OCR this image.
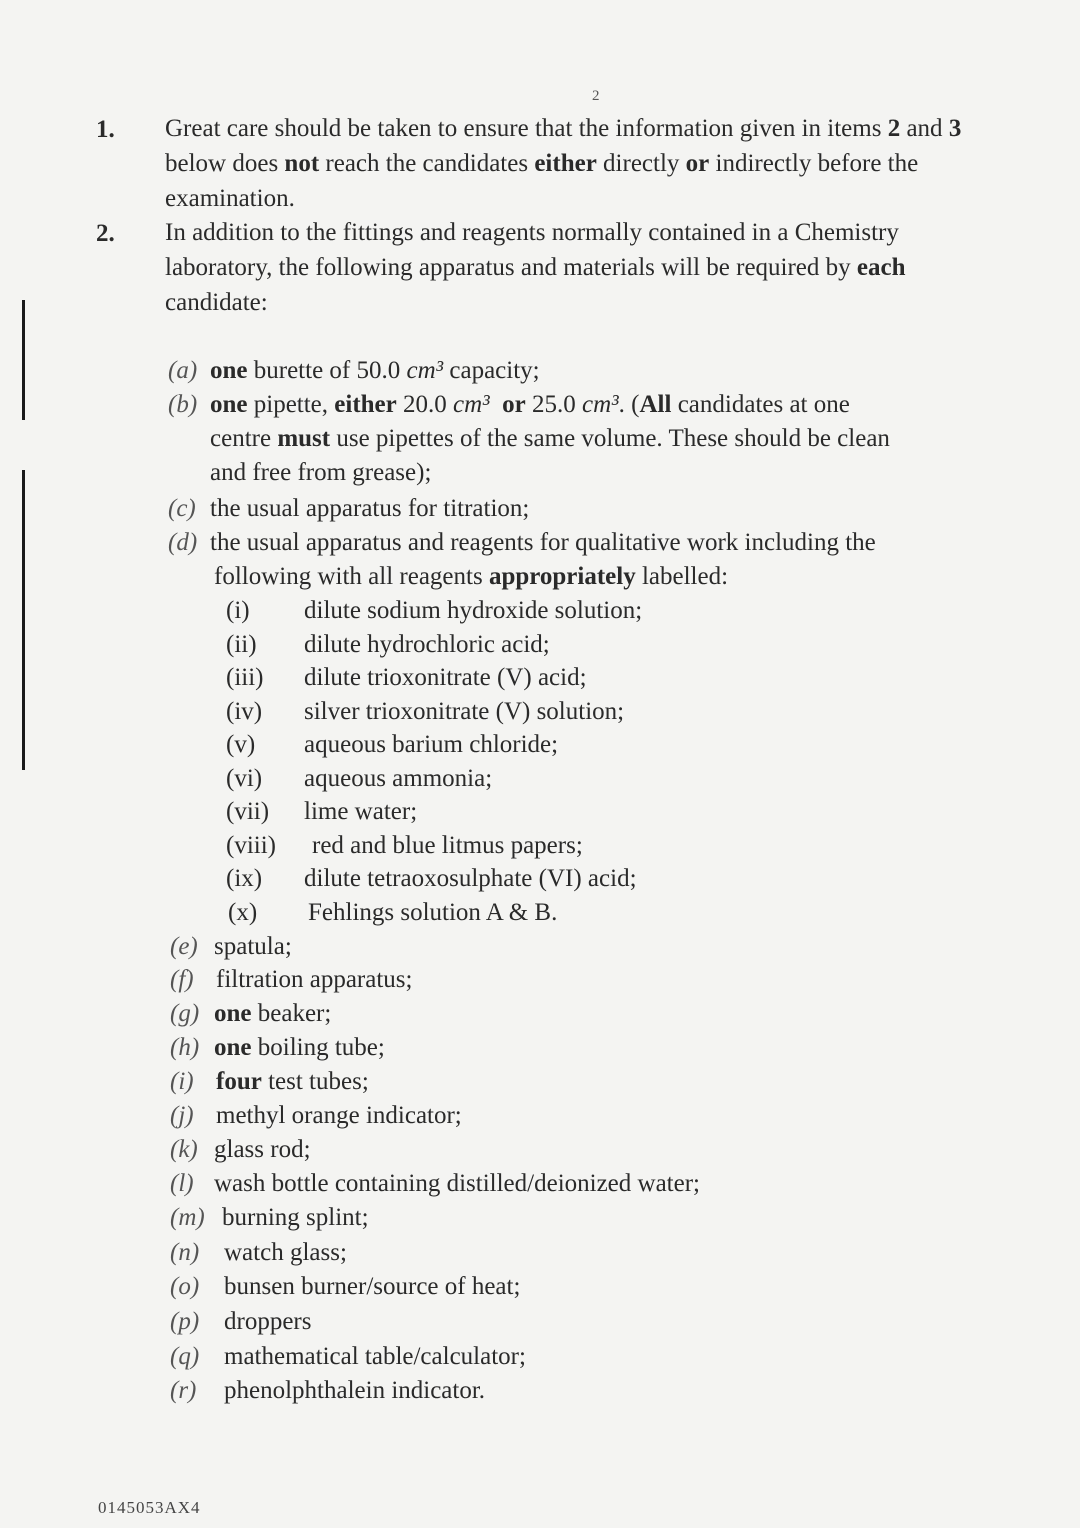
2
1. Great care should be taken to ensure that the information given in items 2 and 3 below does not reach the candidates either directly or indirectly before the examination.
2. In addition to the fittings and reagents normally contained in a Chemistry laboratory, the following apparatus and materials will be required by each candidate:
(a) one burette of 50.0 cm³ capacity;
(b) one pipette, either 20.0 cm³ or 25.0 cm³. (All candidates at one
centre must use pipettes of the same volume. These should be clean
and free from grease);
(c) the usual apparatus for titration;
(d) the usual apparatus and reagents for qualitative work including the
following with all reagents appropriately labelled:
(i) dilute sodium hydroxide solution;
(ii) dilute hydrochloric acid;
(iii) dilute trioxonitrate (V) acid;
(iv) silver trioxonitrate (V) solution;
(v) aqueous barium chloride;
(vi) aqueous ammonia;
(vii) lime water;
(viii) red and blue litmus papers;
(ix) dilute tetraoxosulphate (VI) acid;
(x) Fehlings solution A & B.
(e) spatula;
(f) filtration apparatus;
(g) one beaker;
(h) one boiling tube;
(i) four test tubes;
(j) methyl orange indicator;
(k) glass rod;
(l) wash bottle containing distilled/deionized water;
(m) burning splint;
(n) watch glass;
(o) bunsen burner/source of heat;
(p) droppers
(q) mathematical table/calculator;
(r) phenolphthalein indicator.
0145053AX4
